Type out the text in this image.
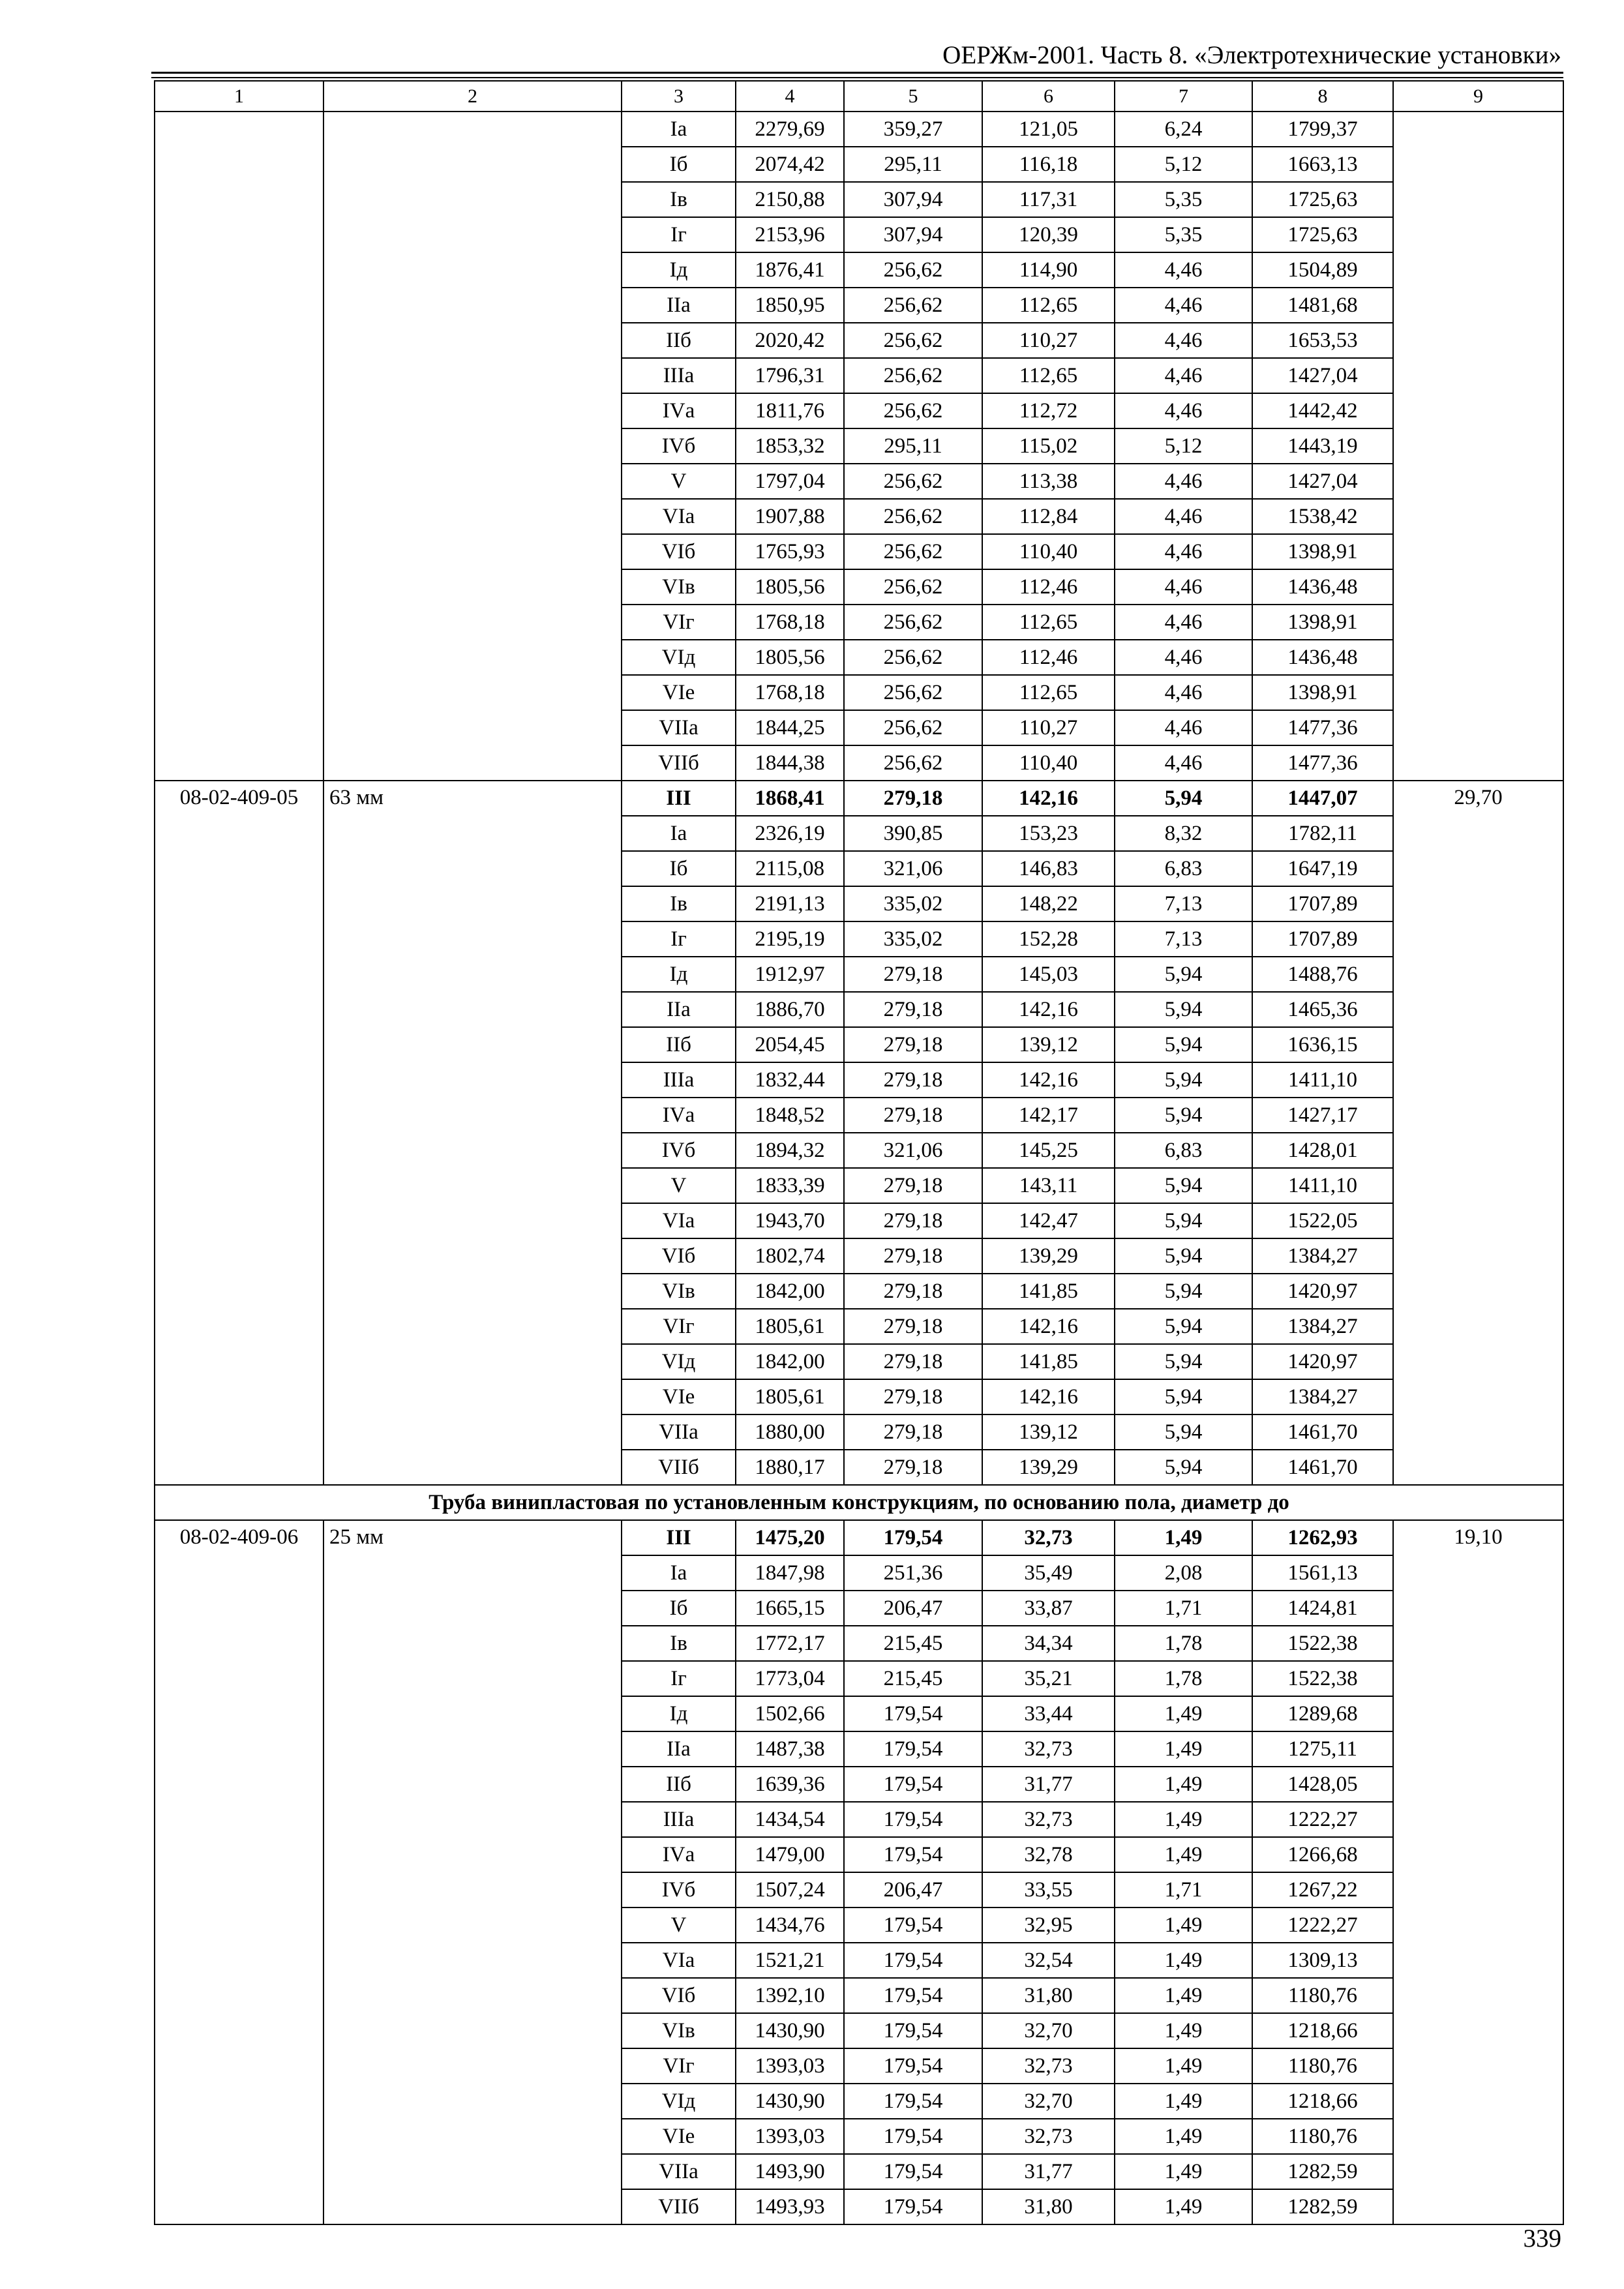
ОЕРЖм-2001. Часть 8. «Электротехнические установки»
1	2	3	4	5	6	7	8	9
		Iа	2279,69	359,27	121,05	6,24	1799,37	
		Iб	2074,42	295,11	116,18	5,12	1663,13	
		Iв	2150,88	307,94	117,31	5,35	1725,63	
		Iг	2153,96	307,94	120,39	5,35	1725,63	
		Iд	1876,41	256,62	114,90	4,46	1504,89	
		IIа	1850,95	256,62	112,65	4,46	1481,68	
		IIб	2020,42	256,62	110,27	4,46	1653,53	
		IIIа	1796,31	256,62	112,65	4,46	1427,04	
		IVа	1811,76	256,62	112,72	4,46	1442,42	
		IVб	1853,32	295,11	115,02	5,12	1443,19	
		V	1797,04	256,62	113,38	4,46	1427,04	
		VIа	1907,88	256,62	112,84	4,46	1538,42	
		VIб	1765,93	256,62	110,40	4,46	1398,91	
		VIв	1805,56	256,62	112,46	4,46	1436,48	
		VIг	1768,18	256,62	112,65	4,46	1398,91	
		VIд	1805,56	256,62	112,46	4,46	1436,48	
		VIе	1768,18	256,62	112,65	4,46	1398,91	
		VIIа	1844,25	256,62	110,27	4,46	1477,36	
		VIIб	1844,38	256,62	110,40	4,46	1477,36	
08-02-409-05	63 мм	III	1868,41	279,18	142,16	5,94	1447,07	29,70
		Iа	2326,19	390,85	153,23	8,32	1782,11	
		Iб	2115,08	321,06	146,83	6,83	1647,19	
		Iв	2191,13	335,02	148,22	7,13	1707,89	
		Iг	2195,19	335,02	152,28	7,13	1707,89	
		Iд	1912,97	279,18	145,03	5,94	1488,76	
		IIа	1886,70	279,18	142,16	5,94	1465,36	
		IIб	2054,45	279,18	139,12	5,94	1636,15	
		IIIа	1832,44	279,18	142,16	5,94	1411,10	
		IVа	1848,52	279,18	142,17	5,94	1427,17	
		IVб	1894,32	321,06	145,25	6,83	1428,01	
		V	1833,39	279,18	143,11	5,94	1411,10	
		VIа	1943,70	279,18	142,47	5,94	1522,05	
		VIб	1802,74	279,18	139,29	5,94	1384,27	
		VIв	1842,00	279,18	141,85	5,94	1420,97	
		VIг	1805,61	279,18	142,16	5,94	1384,27	
		VIд	1842,00	279,18	141,85	5,94	1420,97	
		VIе	1805,61	279,18	142,16	5,94	1384,27	
		VIIа	1880,00	279,18	139,12	5,94	1461,70	
		VIIб	1880,17	279,18	139,29	5,94	1461,70	
Труба винипластовая по установленным конструкциям, по основанию пола, диаметр до								
08-02-409-06	25 мм	III	1475,20	179,54	32,73	1,49	1262,93	19,10
		Iа	1847,98	251,36	35,49	2,08	1561,13	
		Iб	1665,15	206,47	33,87	1,71	1424,81	
		Iв	1772,17	215,45	34,34	1,78	1522,38	
		Iг	1773,04	215,45	35,21	1,78	1522,38	
		Iд	1502,66	179,54	33,44	1,49	1289,68	
		IIа	1487,38	179,54	32,73	1,49	1275,11	
		IIб	1639,36	179,54	31,77	1,49	1428,05	
		IIIа	1434,54	179,54	32,73	1,49	1222,27	
		IVа	1479,00	179,54	32,78	1,49	1266,68	
		IVб	1507,24	206,47	33,55	1,71	1267,22	
		V	1434,76	179,54	32,95	1,49	1222,27	
		VIа	1521,21	179,54	32,54	1,49	1309,13	
		VIб	1392,10	179,54	31,80	1,49	1180,76	
		VIв	1430,90	179,54	32,70	1,49	1218,66	
		VIг	1393,03	179,54	32,73	1,49	1180,76	
		VIд	1430,90	179,54	32,70	1,49	1218,66	
		VIе	1393,03	179,54	32,73	1,49	1180,76	
		VIIа	1493,90	179,54	31,77	1,49	1282,59	
		VIIб	1493,93	179,54	31,80	1,49	1282,59	
339
